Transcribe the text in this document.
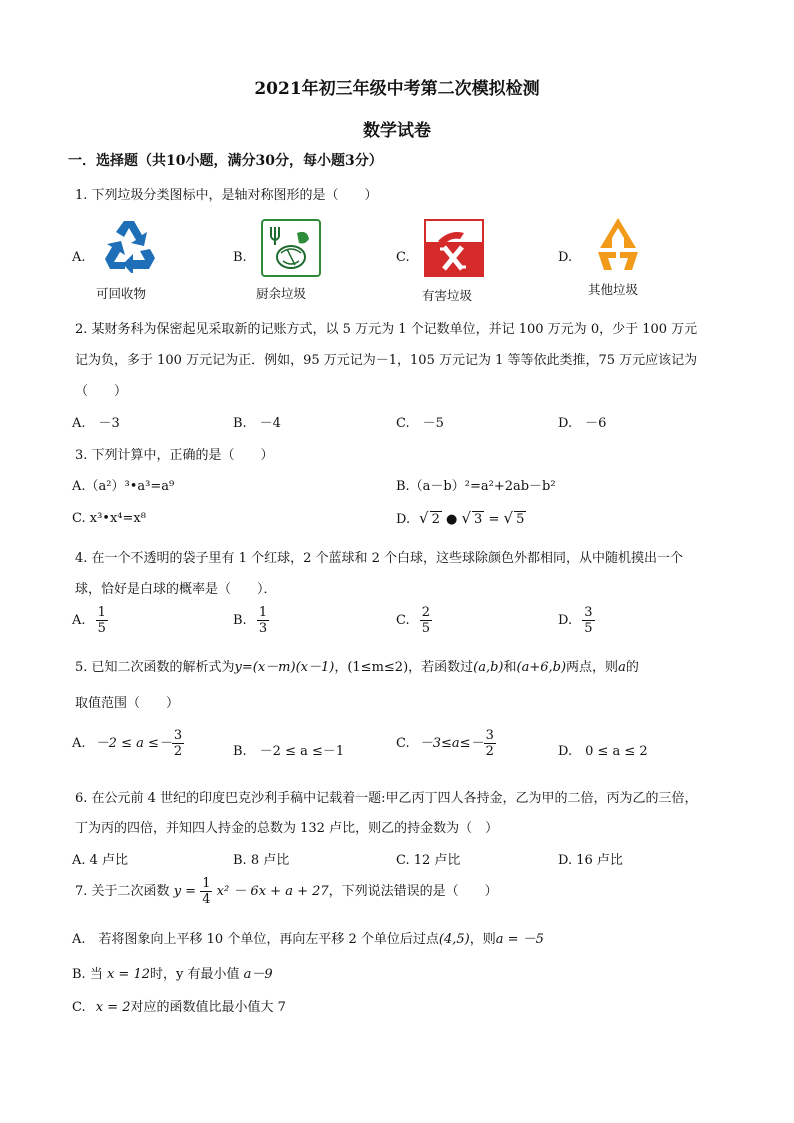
2021年初三年级中考第二次模拟检测
数学试卷
一．选择题（共10小题，满分30分，每小题3分）
1. 下列垃圾分类图标中，是轴对称图形的是（　　）
A.
可回收物
B.
厨余垃圾
C.
有害垃圾
D.
其他垃圾
2. 某财务科为保密起见采取新的记账方式，以 5 万元为 1 个记数单位，并记 100 万元为 0，少于 100 万元
记为负，多于 100 万元记为正．例如，95 万元记为－1，105 万元记为 1 等等依此类推，75 万元应该记为
（　　）
A.　－3	B.　－4	C.　－5	D.　－6
3. 下列计算中，正确的是（　　）
A.（a²）³•a³=a⁹	B.（a－b）²=a²+2ab－b²
C. x³•x⁴=x⁸	D.  √ 2 ● √ 3 = √ 5
4. 在一个不透明的袋子里有 1 个红球，2 个蓝球和 2 个白球，这些球除颜色外都相同，从中随机摸出一个
球，恰好是白球的概率是（　　）．
A. $\frac{1}{5}$	B. $\frac{1}{3}$	C. $\frac{2}{5}$	D. $\frac{3}{5}$
5. 已知二次函数的解析式为y=(x－m)(x－1)，(1≤m≤2)，若函数过(a,b)和(a+6,b)两点，则a的
取值范围（　　）
A. $-2 \le a \le- \frac{3}{2}$	B.　－2 ≤ a ≤－1
C. $-3\le a\le- \frac{3}{2}$	D.　0 ≤ a ≤ 2
6. 在公元前 4 世纪的印度巴克沙利手稿中记载着一题:甲乙丙丁四人各持金，乙为甲的二倍，丙为乙的三倍，
丁为丙的四倍，并知四人持金的总数为 132 卢比，则乙的持金数为（　）
A. 4 卢比	B. 8 卢比	C. 12 卢比	D. 16 卢比
7. 关于二次函数 $y = \frac{1}{4} x^2 - 6x + a + 27$，下列说法错误的是（　　）
A.　若将图象向上平移 10 个单位，再向左平移 2 个单位后过点(4,5)，则a = －5
B. 当 x = 12时，y 有最小值 a－9
C. x = 2对应的函数值比最小值大 7
